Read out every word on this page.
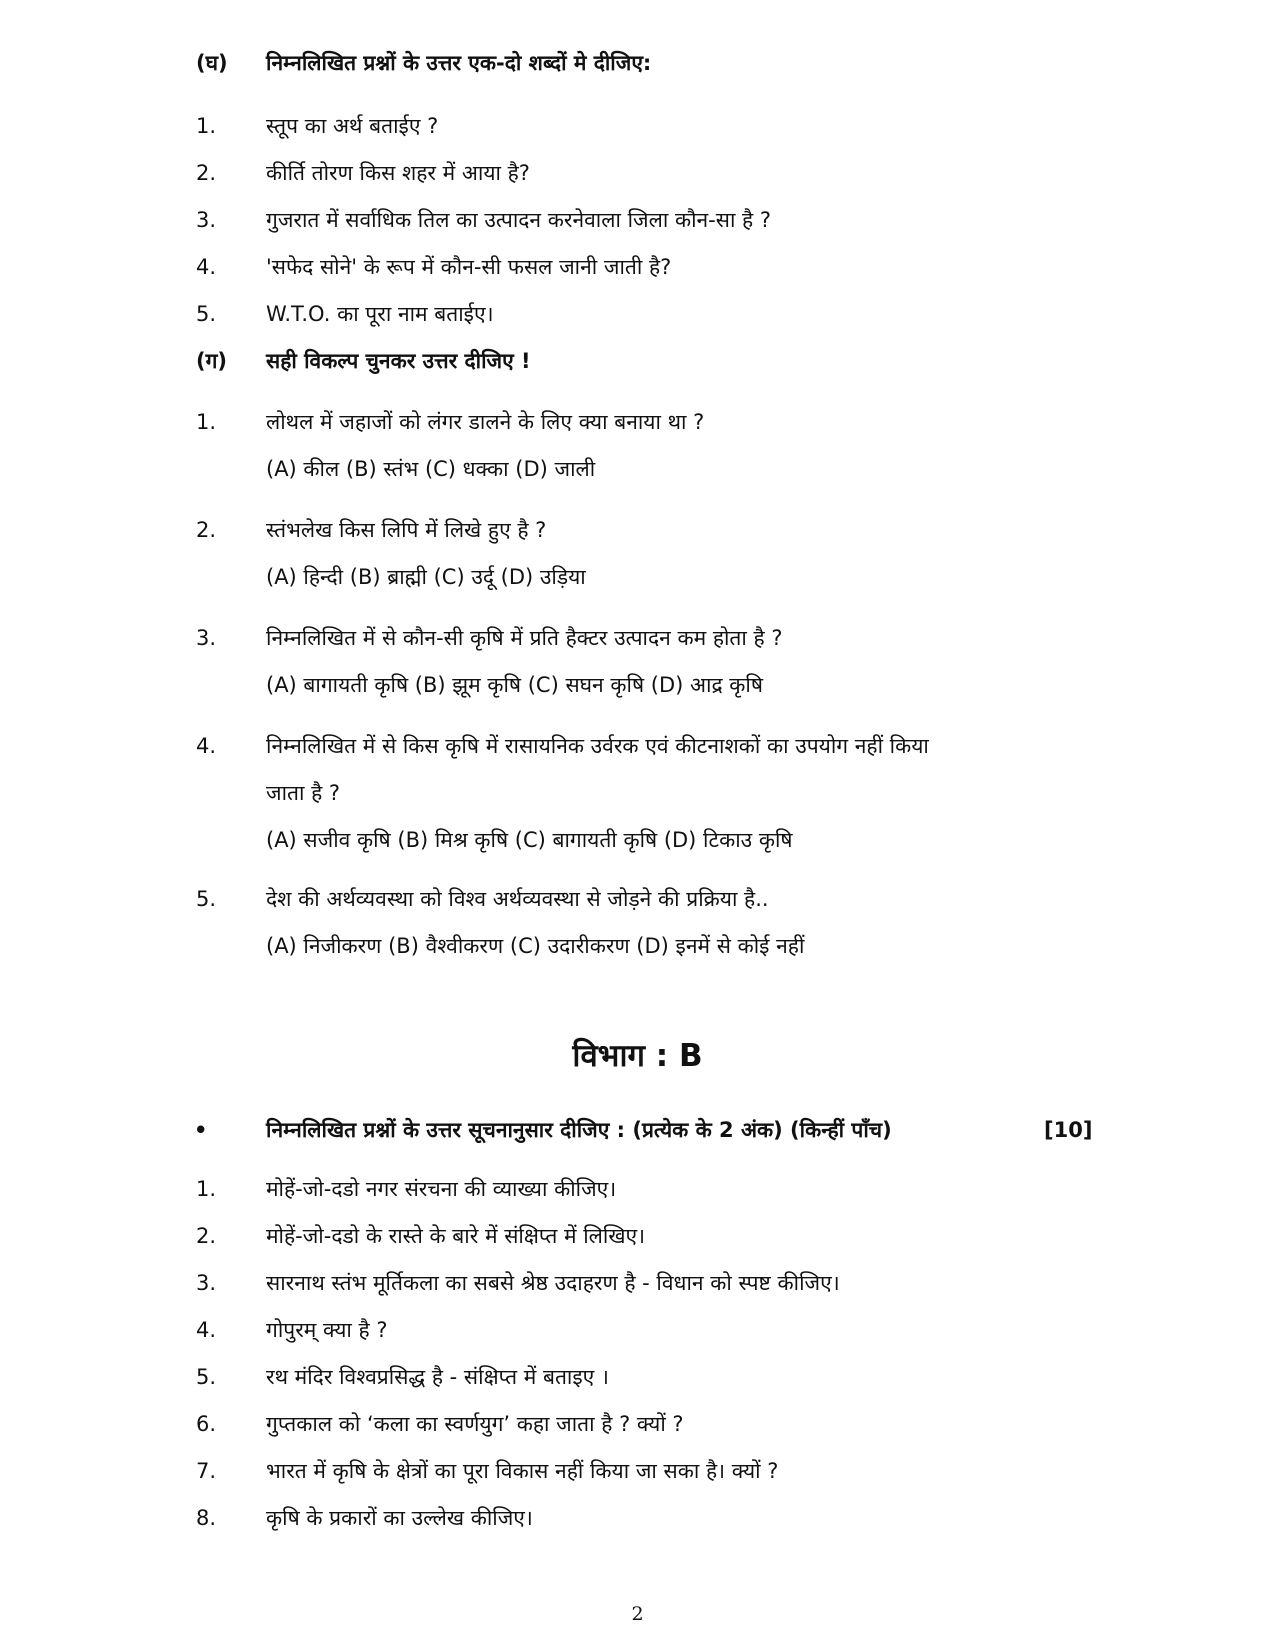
(घ) निम्नलिखित प्रश्नों के उत्तर एक-दो शब्दों मे दीजिए:
1. स्तूप का अर्थ बताईए ?
2. कीर्ति तोरण किस शहर में आया है?
3. गुजरात में सर्वाधिक तिल का उत्पादन करनेवाला जिला कौन-सा है ?
4. 'सफेद सोने' के रूप में कौन-सी फसल जानी जाती है?
5. W.T.O. का पूरा नाम बताईए।
(ग) सही विकल्प चुनकर उत्तर दीजिए !
1. लोथल में जहाजों को लंगर डालने के लिए क्या बनाया था ?
(A) कील (B) स्तंभ (C) धक्का (D) जाली
2. स्तंभलेख किस लिपि में लिखे हुए है ?
(A) हिन्दी (B) ब्राह्मी (C) उर्दू (D) उड़िया
3. निम्नलिखित में से कौन-सी कृषि में प्रति हैक्टर उत्पादन कम होता है ?
(A) बागायती कृषि (B) झूम कृषि (C) सघन कृषि (D) आद्र कृषि
4. निम्नलिखित में से किस कृषि में रासायनिक उर्वरक एवं कीटनाशकों का उपयोग नहीं किया
जाता है ?
(A) सजीव कृषि (B) मिश्र कृषि (C) बागायती कृषि (D) टिकाउ कृषि
5. देश की अर्थव्यवस्था को विश्व अर्थव्यवस्था से जोड़ने की प्रक्रिया है..
(A) निजीकरण (B) वैश्वीकरण (C) उदारीकरण (D) इनमें से कोई नहीं
विभाग : B
•	निम्नलिखित प्रश्नों के उत्तर सूचनानुसार दीजिए : (प्रत्येक के 2 अंक) (किन्हीं पाँच)	[10]
1. मोहें-जो-दडो नगर संरचना की व्याख्या कीजिए।
2. मोहें-जो-दडो के रास्ते के बारे में संक्षिप्त में लिखिए।
3. सारनाथ स्तंभ मूर्तिकला का सबसे श्रेष्ठ उदाहरण है - विधान को स्पष्ट कीजिए।
4. गोपुरम् क्या है ?
5. रथ मंदिर विश्वप्रसिद्ध है - संक्षिप्त में बताइए ।
6. गुप्तकाल को ‘कला का स्वर्णयुग’ कहा जाता है ? क्यों ?
7. भारत में कृषि के क्षेत्रों का पूरा विकास नहीं किया जा सका है। क्यों ?
8. कृषि के प्रकारों का उल्लेख कीजिए।
2
